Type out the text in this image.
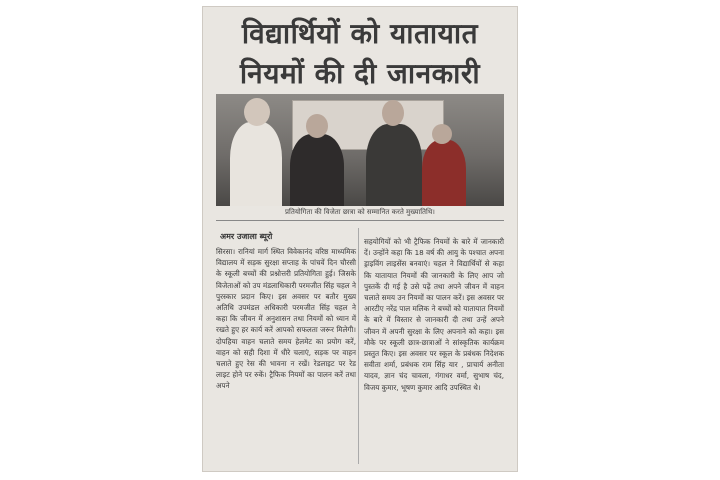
विद्यार्थियों को यातायात
नियमों की दी जानकारी
प्रतियोगिता की विजेता छात्रा को सम्मानित करते मुख्यातिथि।
अमर उजाला ब्यूरो
सिरसा। रानियां मार्ग स्थित विवेकानंद वरिष्ठ माध्यमिक विद्यालय में सड़क सुरक्षा सप्ताह के पांचवें दिन चौरसी के स्कूली बच्चों की प्रश्नोत्तरी प्रतियोगिता हुई। जिसके विजेताओं को उप मंडलाधिकारी परमजीत सिंह चहल ने पुरस्कार प्रदान किए। इस अवसर पर बतौर मुख्य अतिथि उपमंडल अधिकारी परमजीत सिंह चहल ने कहा कि जीवन में अनुशासन तथा नियमों को ध्यान में रखते हुए हर कार्य करें आपको सफलता जरूर मिलेगी। दोपहिया वाहन चलाते समय हेलमेट का प्रयोग करें, वाहन को सही दिशा में धीरे चलाएं, सड़क पर वाहन चलाते हुए रेस की भावना न रखें। रेडलाइट पर रेड लाइट होने पर रुकें। ट्रैफिक नियमों का पालन करें तथा अपने
सहयोगियों को भी ट्रैफिक नियमों के बारे में जानकारी दें। उन्होंने कहा कि 18 वर्ष की आयु के पश्चात अपना ड्राइविंग लाइसेंस बनवाएं। चहल ने विद्यार्थियों से कहा कि यातायात नियमों की जानकारी के लिए आप जो पुस्तकें दी गई है उसे पढ़ें तथा अपने जीवन में वाहन चलाते समय उन नियमों का पालन करें। इस अवसर पर आरटीए नरेंद्र पाल मलिक ने बच्चों को यातायात नियमों के बारे में विस्तार से जानकारी दी तथा उन्हें अपने जीवन में अपनी सुरक्षा के लिए अपनाने को कहा। इस मौके पर स्कूली छात्र-छात्राओं ने सांस्कृतिक कार्यक्रम प्रस्तुत किए। इस अवसर पर स्कूल के प्रबंधक निदेशक सवीता शर्मा, प्रबंधक राम सिंह यार , प्राचार्य अनीता यादव, ज्ञान चंद चावला, गंगाधर वर्मा, सुभाष चंद, विजय कुमार, भूषण कुमार आदि उपस्थित थे।
